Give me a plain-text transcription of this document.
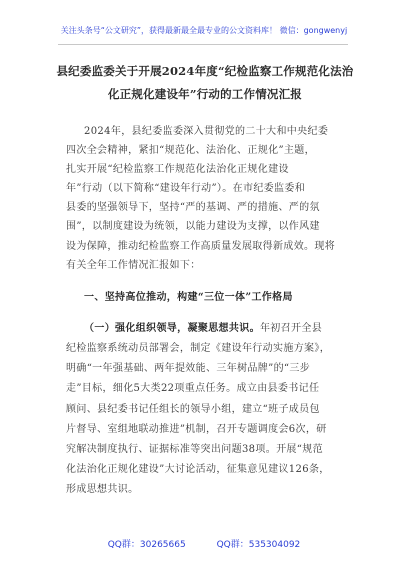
关注头条号“公文研究”，获得最新最全最专业的公文资料库！ 微信：gongwenyj
县纪委监委关于开展2024年度“纪检监察工作规范化法治
化正规化建设年”行动的工作情况汇报
2024年，县纪委监委深入贯彻党的二十大和中央纪委
四次全会精神，紧扣“规范化、法治化、正规化”主题，
扎实开展“纪检监察工作规范化法治化正规化建设
年”行动（以下简称“建设年行动”）。在市纪委监委和
县委的坚强领导下，坚持“严的基调、严的措施、严的氛
围”，以制度建设为统领，以能力建设为支撑，以作风建
设为保障，推动纪检监察工作高质量发展取得新成效。现将
有关全年工作情况汇报如下：
一、坚持高位推动，构建“三位一体”工作格局
（一）强化组织领导，凝聚思想共识。年初召开全县
纪检监察系统动员部署会，制定《建设年行动实施方案》，
明确“一年强基础、两年提效能、三年树品牌”的“三步
走”目标，细化5大类22项重点任务。成立由县委书记任
顾问、县纪委书记任组长的领导小组，建立“班子成员包
片督导、室组地联动推进”机制，召开专题调度会6次，研
究解决制度执行、证据标准等突出问题38项。开展“规范
化法治化正规化建设”大讨论活动，征集意见建议126条，
形成思想共识。
QQ群：30265665	QQ群：535304092
